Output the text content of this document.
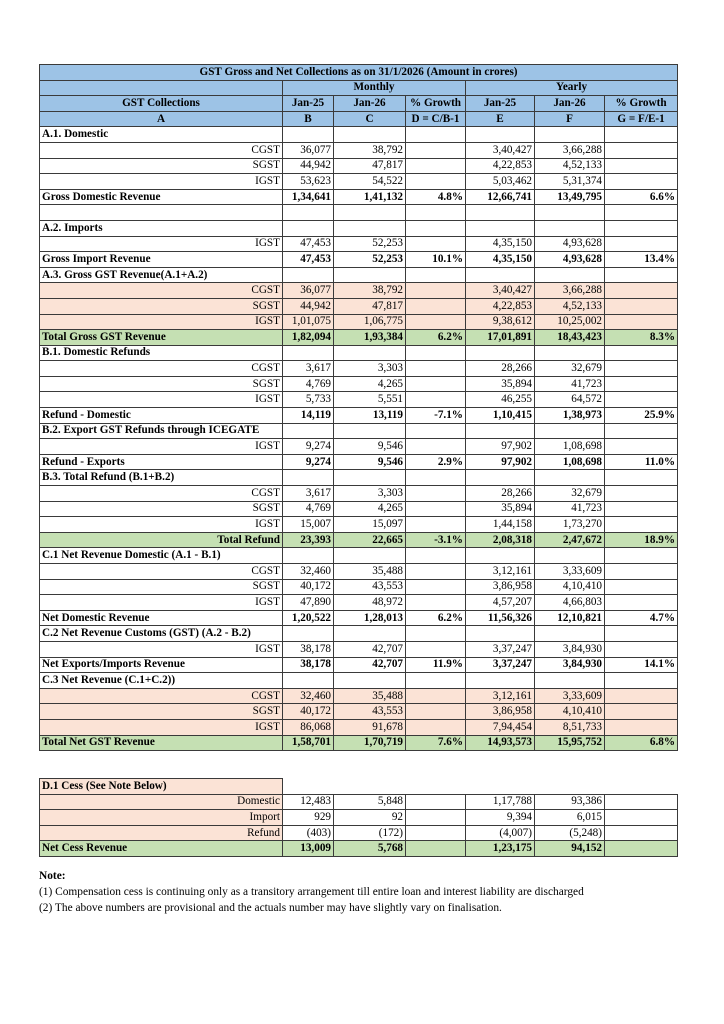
GST Gross and Net Collections as on 31/1/2026 (Amount in crores)						
	Monthly			Yearly		
GST Collections	Jan-25	Jan-26	% Growth	Jan-25	Jan-26	% Growth
A	B	C	D = C/B-1	E	F	G = F/E-1
A.1. Domestic						
CGST	36,077	38,792		3,40,427	3,66,288	
SGST	44,942	47,817		4,22,853	4,52,133	
IGST	53,623	54,522		5,03,462	5,31,374	
Gross Domestic Revenue	1,34,641	1,41,132	4.8%	12,66,741	13,49,795	6.6%

A.2. Imports						
IGST	47,453	52,253		4,35,150	4,93,628	
Gross Import Revenue	47,453	52,253	10.1%	4,35,150	4,93,628	13.4%
A.3. Gross GST Revenue(A.1+A.2)						
CGST	36,077	38,792		3,40,427	3,66,288	
SGST	44,942	47,817		4,22,853	4,52,133	
IGST	1,01,075	1,06,775		9,38,612	10,25,002	
Total Gross GST Revenue	1,82,094	1,93,384	6.2%	17,01,891	18,43,423	8.3%
B.1. Domestic Refunds						
CGST	3,617	3,303		28,266	32,679	
SGST	4,769	4,265		35,894	41,723	
IGST	5,733	5,551		46,255	64,572	
Refund - Domestic	14,119	13,119	-7.1%	1,10,415	1,38,973	25.9%
B.2. Export GST Refunds through ICEGATE						
IGST	9,274	9,546		97,902	1,08,698	
Refund - Exports	9,274	9,546	2.9%	97,902	1,08,698	11.0%
B.3. Total Refund (B.1+B.2)						
CGST	3,617	3,303		28,266	32,679	
SGST	4,769	4,265		35,894	41,723	
IGST	15,007	15,097		1,44,158	1,73,270	
Total Refund	23,393	22,665	-3.1%	2,08,318	2,47,672	18.9%
C.1 Net Revenue Domestic (A.1 - B.1)						
CGST	32,460	35,488		3,12,161	3,33,609	
SGST	40,172	43,553		3,86,958	4,10,410	
IGST	47,890	48,972		4,57,207	4,66,803	
Net Domestic Revenue	1,20,522	1,28,013	6.2%	11,56,326	12,10,821	4.7%
C.2 Net Revenue Customs (GST) (A.2 - B.2)						
IGST	38,178	42,707		3,37,247	3,84,930	
Net Exports/Imports Revenue	38,178	42,707	11.9%	3,37,247	3,84,930	14.1%
C.3 Net Revenue (C.1+C.2))						
CGST	32,460	35,488		3,12,161	3,33,609	
SGST	40,172	43,553		3,86,958	4,10,410	
IGST	86,068	91,678		7,94,454	8,51,733	
Total Net GST Revenue	1,58,701	1,70,719	7.6%	14,93,573	15,95,752	6.8%
D.1 Cess (See Note Below)						
Domestic	12,483	5,848		1,17,788	93,386	
Import	929	92		9,394	6,015	
Refund	(403)	(172)		(4,007)	(5,248)	
Net Cess Revenue	13,009	5,768		1,23,175	94,152	
Note:
(1) Compensation cess is continuing only as a transitory arrangement till entire loan and interest liability are discharged
(2) The above numbers are provisional and the actuals number may have slightly vary on finalisation.
